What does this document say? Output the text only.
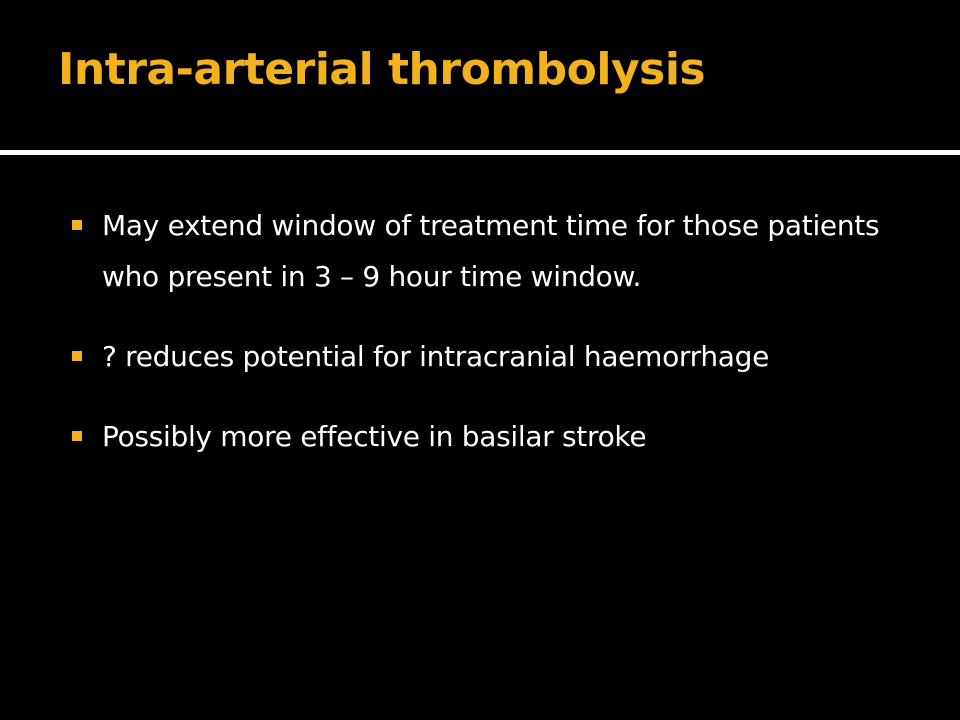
Intra-arterial thrombolysis
May extend window of treatment time for those patients who present in 3 – 9 hour time window.
? reduces potential for intracranial haemorrhage
Possibly more effective in basilar stroke
